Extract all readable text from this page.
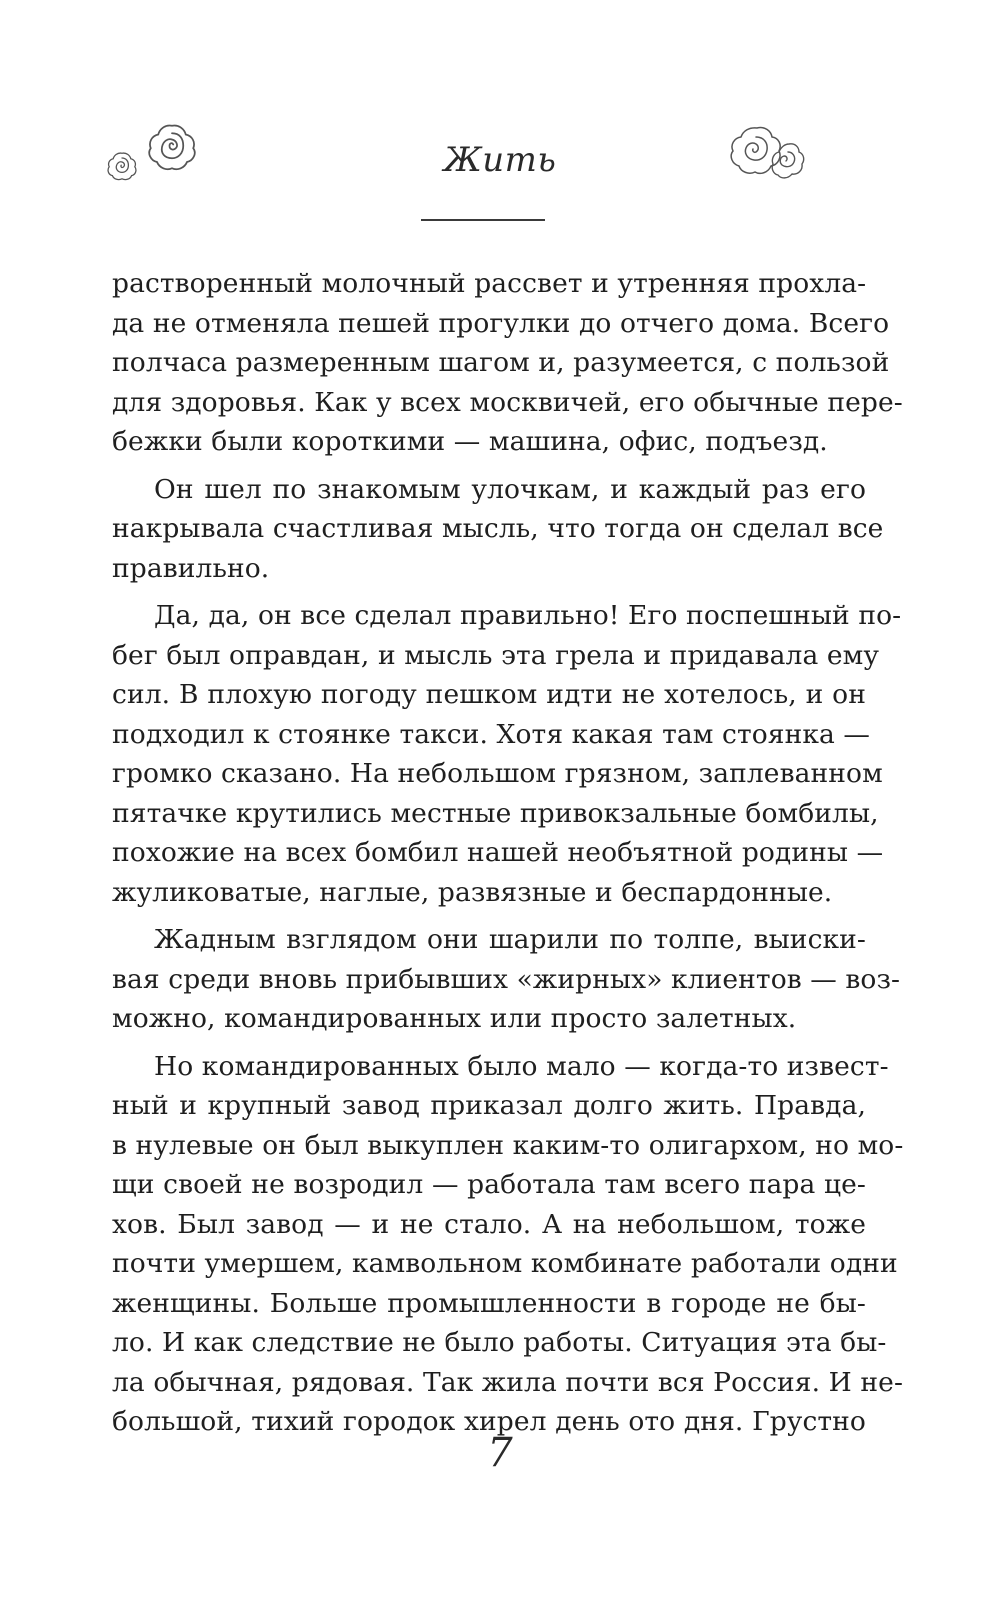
Жить
растворенный молочный рассвет и утренняя прохла-
да не отменяла пешей прогулки до отчего дома. Всего
полчаса размеренным шагом и, разумеется, с пользой
для здоровья. Как у всех москвичей, его обычные пере-
бежки были короткими — машина, офис, подъезд.
Он шел по знакомым улочкам, и каждый раз его
накрывала счастливая мысль, что тогда он сделал все
правильно.
Да, да, он все сделал правильно! Его поспешный по-
бег был оправдан, и мысль эта грела и придавала ему
сил. В плохую погоду пешком идти не хотелось, и он
подходил к стоянке такси. Хотя какая там стоянка —
громко сказано. На небольшом грязном, заплеванном
пятачке крутились местные привокзальные бомбилы,
похожие на всех бомбил нашей необъятной родины —
жуликоватые, наглые, развязные и беспардонные.
Жадным взглядом они шарили по толпе, выиски-
вая среди вновь прибывших «жирных» клиентов — воз-
можно, командированных или просто залетных.
Но командированных было мало — когда-то извест-
ный и крупный завод приказал долго жить. Правда,
в нулевые он был выкуплен каким-то олигархом, но мо-
щи своей не возродил — работала там всего пара це-
хов. Был завод — и не стало. А на небольшом, тоже
почти умершем, камвольном комбинате работали одни
женщины. Больше промышленности в городе не бы-
ло. И как следствие не было работы. Ситуация эта бы-
ла обычная, рядовая. Так жила почти вся Россия. И не-
большой, тихий городок хирел день ото дня. Грустно
7
